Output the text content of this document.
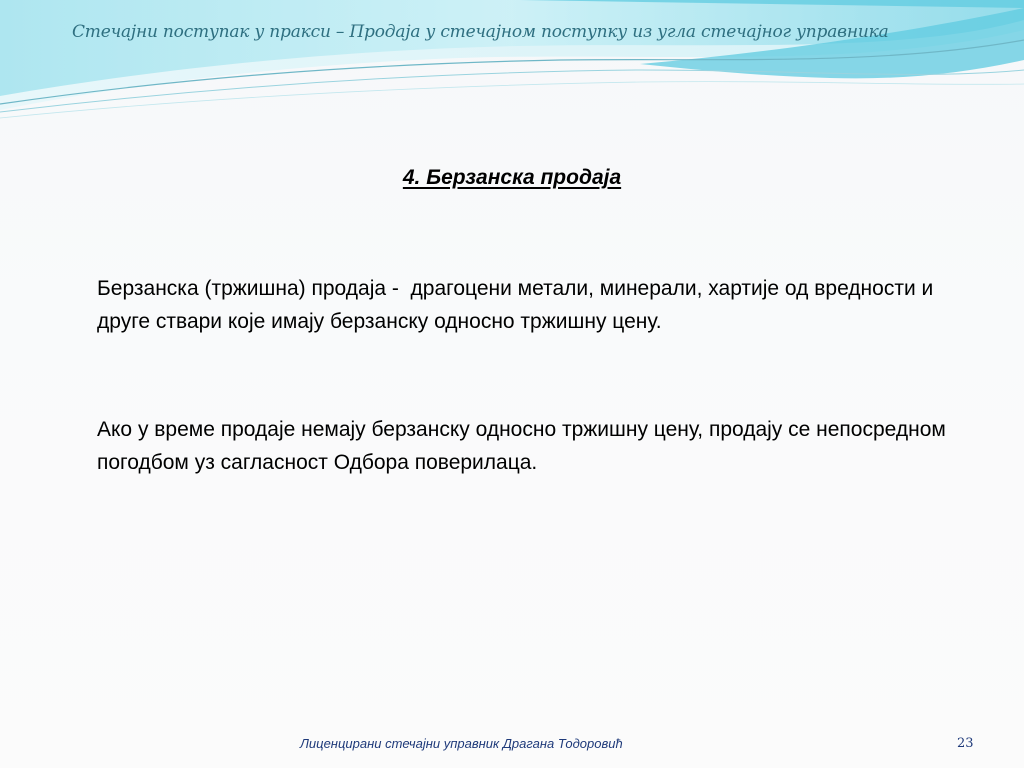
Стечајни поступак у пракси – Продаја у стечајном поступку из угла стечајног управника
4. Берзанска продаја
Берзанска (тржишна) продаја -  драгоцени метали, минерали, хартије од вредности и друге ствари које имају берзанску односно тржишну цену.
Ако у време продаје немају берзанску односно тржишну цену, продају се непосредном погодбом уз сагласност Одбора поверилаца.
Лиценцирани стечајни управник Драгана Тодоровић	23
